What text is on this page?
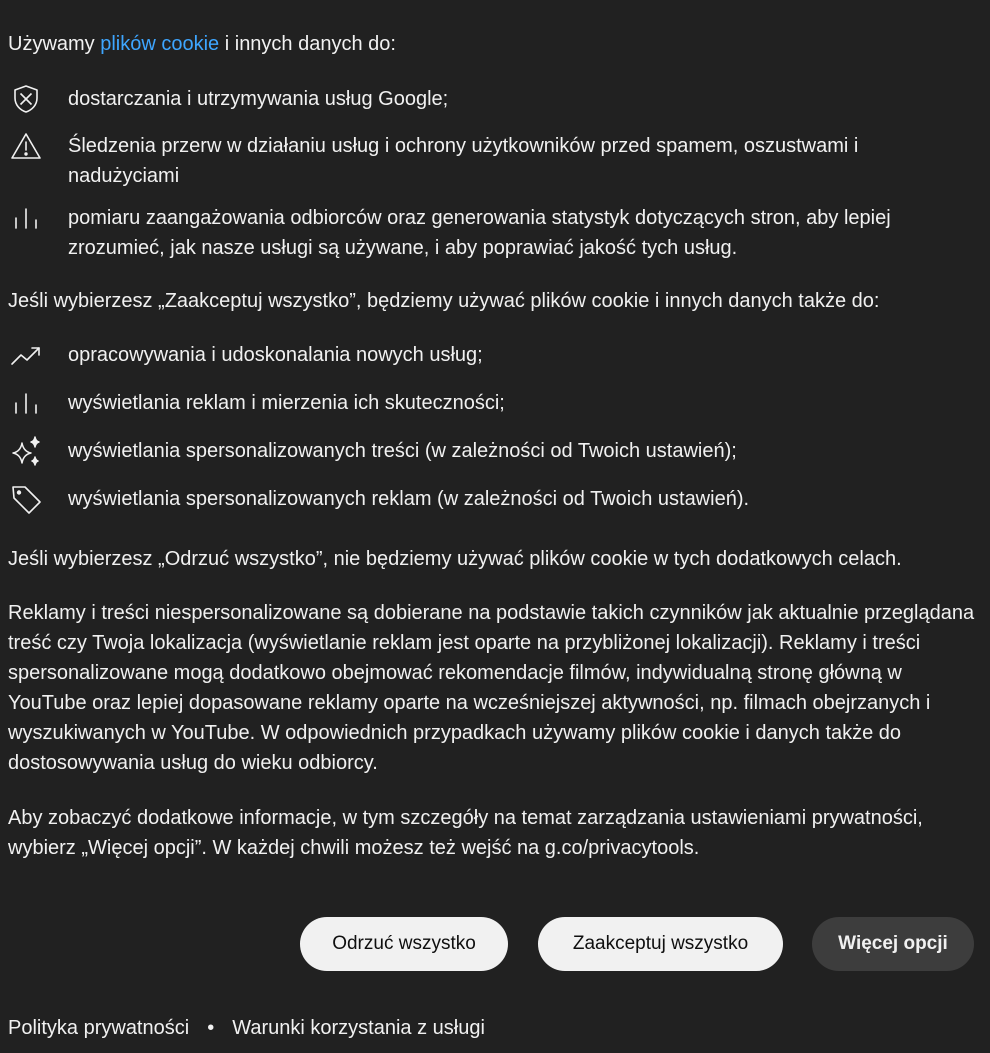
Używamy plików cookie i innych danych do:
dostarczania i utrzymywania usług Google;
Śledzenia przerw w działaniu usług i ochrony użytkowników przed spamem, oszustwami i nadużyciami
pomiaru zaangażowania odbiorców oraz generowania statystyk dotyczących stron, aby lepiej zrozumieć, jak nasze usługi są używane, i aby poprawiać jakość tych usług.
Jeśli wybierzesz „Zaakceptuj wszystko”, będziemy używać plików cookie i innych danych także do:
opracowywania i udoskonalania nowych usług;
wyświetlania reklam i mierzenia ich skuteczności;
wyświetlania spersonalizowanych treści (w zależności od Twoich ustawień);
wyświetlania spersonalizowanych reklam (w zależności od Twoich ustawień).
Jeśli wybierzesz „Odrzuć wszystko”, nie będziemy używać plików cookie w tych dodatkowych celach.
Reklamy i treści niespersonalizowane są dobierane na podstawie takich czynników jak aktualnie przeglądana treść czy Twoja lokalizacja (wyświetlanie reklam jest oparte na przybliżonej lokalizacji). Reklamy i treści spersonalizowane mogą dodatkowo obejmować rekomendacje filmów, indywidualną stronę główną w YouTube oraz lepiej dopasowane reklamy oparte na wcześniejszej aktywności, np. filmach obejrzanych i wyszukiwanych w YouTube. W odpowiednich przypadkach używamy plików cookie i danych także do dostosowywania usług do wieku odbiorcy.
Aby zobaczyć dodatkowe informacje, w tym szczegóły na temat zarządzania ustawieniami prywatności, wybierz „Więcej opcji”. W każdej chwili możesz też wejść na g.co/privacytools.
Odrzuć wszystko	Zaakceptuj wszystko	Więcej opcji
Polityka prywatności • Warunki korzystania z usługi
